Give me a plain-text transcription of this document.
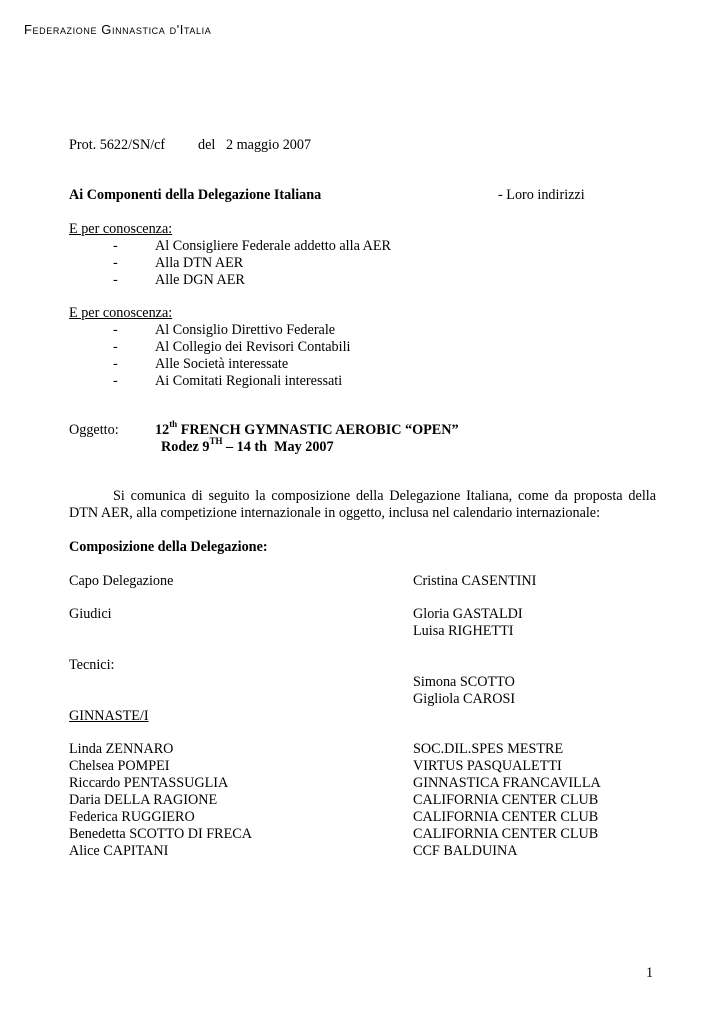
Federazione Ginnastica d'Italia
Prot. 5622/SN/cf del   2 maggio 2007
Ai Componenti della Delegazione Italiana	- Loro indirizzi
E per conoscenza:
-	Al Consigliere Federale addetto alla AER
-	Alla DTN AER
-	Alle DGN AER
E per conoscenza:
-	Al Consiglio Direttivo Federale
-	Al Collegio dei Revisori Contabili
-	Alle Società interessate
-	Ai Comitati Regionali interessati
Oggetto:	12th FRENCH GYMNASTIC AEROBIC “OPEN”
Rodez 9TH – 14 th  May 2007
Si comunica di seguito la composizione della Delegazione Italiana, come da proposta della DTN AER, alla competizione internazionale in oggetto, inclusa nel calendario internazionale:
Composizione della Delegazione:
Capo Delegazione	Cristina CASENTINI
Giudici	Gloria GASTALDI
Luisa RIGHETTI
Tecnici:
Simona SCOTTO
Gigliola CAROSI
GINNASTE/I
Linda ZENNARO	SOC.DIL.SPES MESTRE
Chelsea POMPEI	VIRTUS PASQUALETTI
Riccardo PENTASSUGLIA	GINNASTICA FRANCAVILLA
Daria DELLA RAGIONE	CALIFORNIA CENTER CLUB
Federica RUGGIERO	CALIFORNIA CENTER CLUB
Benedetta SCOTTO DI FRECA	CALIFORNIA CENTER CLUB
Alice CAPITANI	CCF BALDUINA
1
